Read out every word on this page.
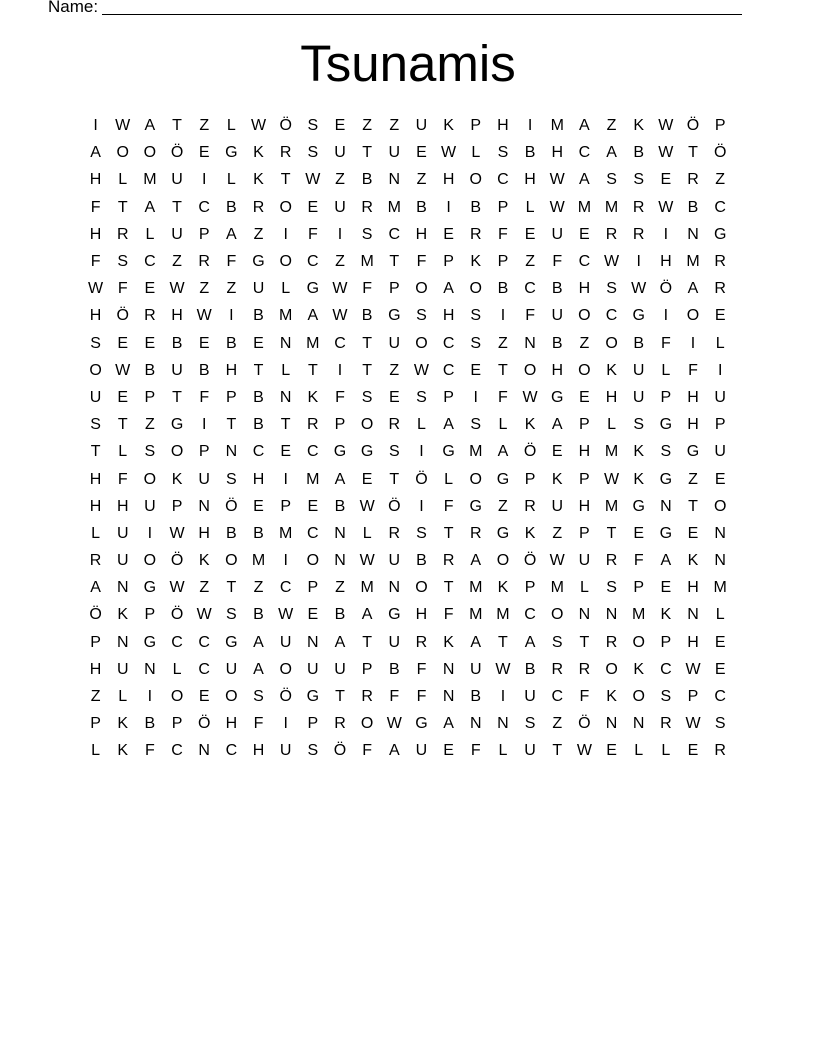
Name:
Tsunamis
I	W A	T	Z	L W Ö S	E	Z	Z	U	K	P	H	I	M A	Z	K W Ö P
A O O Ö E G K	R	S	U	T	U	E W L	S	B	H C	A	B W T	Ö
H	L	M U	I	L	K	T W Z	B	N	Z	H O C H W A	S	S	E	R	Z
F	T	A	T	C	B	R O E	U R M B	I	B	P	L W M M R W B	C
H R	L	U	P	A	Z	I	F	I	S	C H	E	R	F	E	U	E	R R	I	N G
F	S	C	Z	R	F	G O C	Z M T	F	P	K	P	Z	F	C W	I	H M R
W F	E W Z	Z	U	L	G W F	P O A O B	C	B	H	S W Ö A	R
H Ö R H W	I	B M A W B G S	H	S	I	F	U O C G	I	O E
S	E	E	B	E	B	E	N M C	T	U O C	S	Z	N	B	Z	O B	F	I	L
O W B	U	B	H	T	L	T	I	T	Z W C	E	T	O H O K	U	L	F	I
U	E	P	T	F	P	B	N	K	F	S	E	S	P	I	F W G E	H U	P	H U
S	T	Z	G	I	T	B	T	R	P O R	L	A	S	L	K	A	P	L	S G H	P
T	L	S O P	N C	E	C G G S	I	G M A Ö E	H M K	S G U
H	F	O K	U	S	H	I	M A	E	T	Ö	L	O G P	K	P W K G	Z	E
H H U	P	N Ö E	P	E	B W Ö	I	F	G	Z	R U H M G N	T	O
L	U	I	W H	B	B M C N	L	R	S	T	R G K	Z	P	T	E G E	N
R U O Ö K O M	I	O N W U	B	R	A O Ö W U R	F	A	K	N
A	N G W Z	T	Z	C	P	Z M N O	T M K	P M	L	S	P	E	H M
Ö K	P Ö W S	B W E	B	A G H	F M M C O N N M K	N	L
P	N G C C G A	U N	A	T	U R	K	A	T	A	S	T	R O P	H	E
H U N	L	C U	A O U U	P	B	F	N U W B	R R O K	C W E
Z	L	I	O E O S Ö G	T	R	F	F	N	B	I	U C	F	K O S	P	C
P	K	B	P Ö H	F	I	P	R O W G A	N N	S	Z	Ö N N R W S
L	K	F	C N C H U	S Ö	F	A	U	E	F	L	U	T W E	L	L	E	R
